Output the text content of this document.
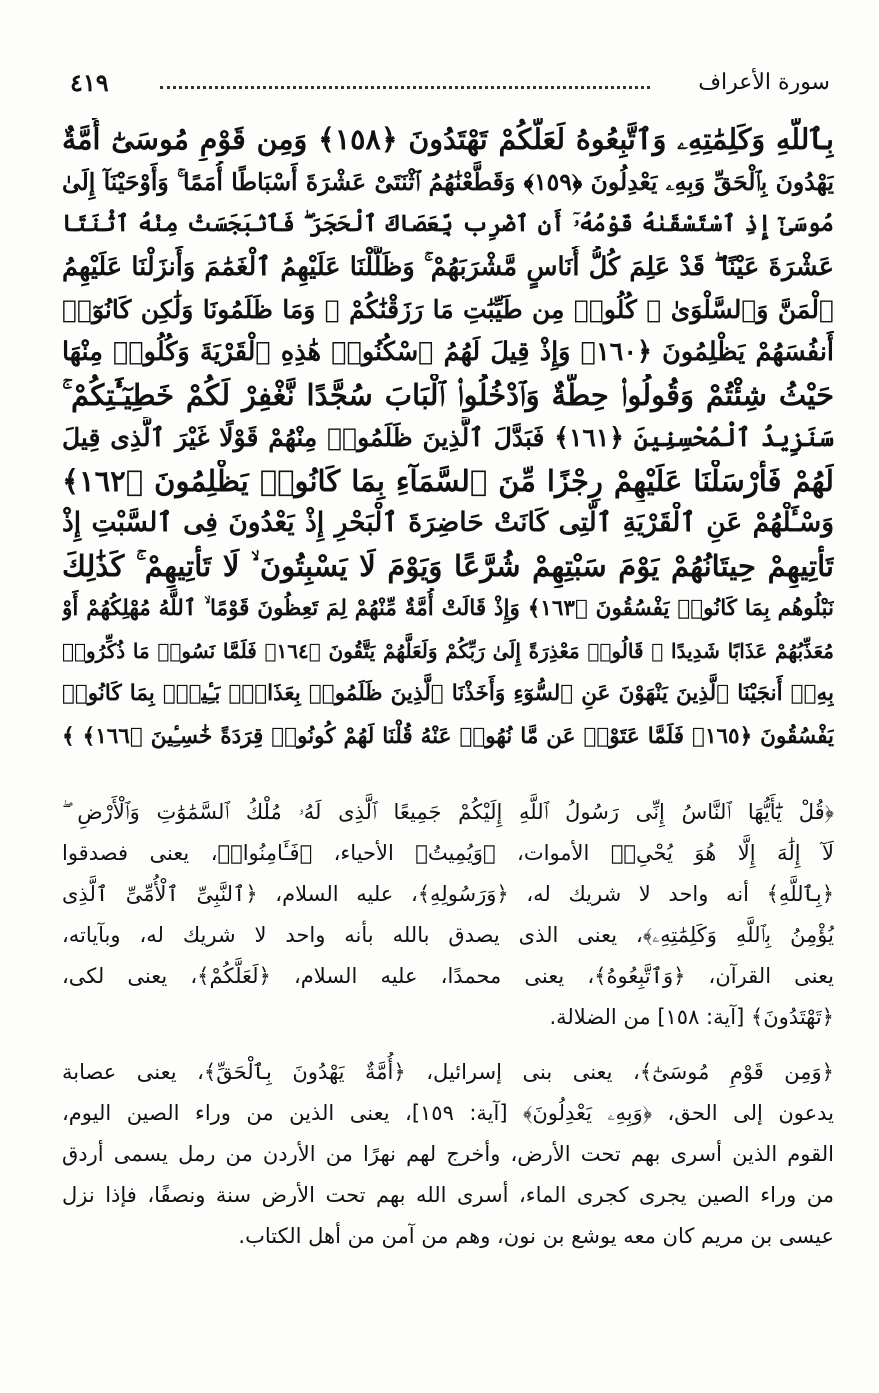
سورة الأعراف
٤١٩
بِٱللَّهِ وَكَلِمَٰتِهِۦ وَٱتَّبِعُوهُ لَعَلَّكُمْ تَهْتَدُونَ ﴿١٥٨﴾ وَمِن قَوْمِ مُوسَىٰٓ أُمَّةٌ
يَهْدُونَ بِٱلْحَقِّ وَبِهِۦ يَعْدِلُونَ ﴿١٥٩﴾ وَقَطَّعْنَٰهُمُ ٱثْنَتَىْ عَشْرَةَ أَسْبَاطًا أُمَمًا ۚ وَأَوْحَيْنَآ إِلَىٰ
مُوسَىٰٓ إِذِ ٱسْتَسْقَىٰهُ قَوْمُهُۥٓ أَنِ ٱضْرِب بِّعَصَاكَ ٱلْحَجَرَ ۖ فَٱنۢبَجَسَتْ مِنْهُ ٱثْنَتَا
عَشْرَةَ عَيْنًا ۖ قَدْ عَلِمَ كُلُّ أُنَاسٍ مَّشْرَبَهُمْ ۚ وَظَلَّلْنَا عَلَيْهِمُ ٱلْغَمَٰمَ وَأَنزَلْنَا عَلَيْهِمُ
ٱلْمَنَّ وَٱلسَّلْوَىٰ ۖ كُلُوا۟ مِن طَيِّبَٰتِ مَا رَزَقْنَٰكُمْ ۚ وَمَا ظَلَمُونَا وَلَٰكِن كَانُوٓا۟
أَنفُسَهُمْ يَظْلِمُونَ ﴿١٦٠﴾ وَإِذْ قِيلَ لَهُمُ ٱسْكُنُوا۟ هَٰذِهِ ٱلْقَرْيَةَ وَكُلُوا۟ مِنْهَا
حَيْثُ شِئْتُمْ وَقُولُوا۟ حِطَّةٌ وَٱدْخُلُوا۟ ٱلْبَابَ سُجَّدًا نَّغْفِرْ لَكُمْ خَطِيٓـَٰٔتِكُمْ ۚ
سَنَزِيدُ ٱلْمُحْسِنِينَ ﴿١٦١﴾ فَبَدَّلَ ٱلَّذِينَ ظَلَمُوا۟ مِنْهُمْ قَوْلًا غَيْرَ ٱلَّذِى قِيلَ
لَهُمْ فَأَرْسَلْنَا عَلَيْهِمْ رِجْزًا مِّنَ ٱلسَّمَآءِ بِمَا كَانُوا۟ يَظْلِمُونَ ﴿١٦٢﴾
وَسْـَٔلْهُمْ عَنِ ٱلْقَرْيَةِ ٱلَّتِى كَانَتْ حَاضِرَةَ ٱلْبَحْرِ إِذْ يَعْدُونَ فِى ٱلسَّبْتِ إِذْ
تَأْتِيهِمْ حِيتَانُهُمْ يَوْمَ سَبْتِهِمْ شُرَّعًا وَيَوْمَ لَا يَسْبِتُونَ ۙ لَا تَأْتِيهِمْ ۚ كَذَٰلِكَ
نَبْلُوهُم بِمَا كَانُوا۟ يَفْسُقُونَ ﴿١٦٣﴾ وَإِذْ قَالَتْ أُمَّةٌ مِّنْهُمْ لِمَ تَعِظُونَ قَوْمًا ۙ ٱللَّهُ مُهْلِكُهُمْ أَوْ
مُعَذِّبُهُمْ عَذَابًا شَدِيدًا ۖ قَالُوا۟ مَعْذِرَةً إِلَىٰ رَبِّكُمْ وَلَعَلَّهُمْ يَتَّقُونَ ﴿١٦٤﴾ فَلَمَّا نَسُوا۟ مَا ذُكِّرُوا۟
بِهِۦٓ أَنجَيْنَا ٱلَّذِينَ يَنْهَوْنَ عَنِ ٱلسُّوٓءِ وَأَخَذْنَا ٱلَّذِينَ ظَلَمُوا۟ بِعَذَابٍۭ بَـِٔيسٍۭ بِمَا كَانُوا۟
يَفْسُقُونَ ﴿١٦٥﴾ فَلَمَّا عَتَوْا۟ عَن مَّا نُهُوا۟ عَنْهُ قُلْنَا لَهُمْ كُونُوا۟ قِرَدَةً خَٰسِـِٔينَ ﴿١٦٦﴾ ﴾
﴿قُلْ يَٰٓأَيُّهَا ٱلنَّاسُ إِنِّى رَسُولُ ٱللَّهِ إِلَيْكُمْ جَمِيعًا ٱلَّذِى لَهُۥ مُلْكُ ٱلسَّمَٰوَٰتِ وَٱلْأَرْضِ ۖ
لَآ إِلَٰهَ إِلَّا هُوَ يُحْىِۦ﴾ الأموات، ﴿وَيُمِيتُ﴾ الأحياء، ﴿فَـَٔامِنُوا۟﴾، يعنى فصدقوا
﴿بِٱللَّهِ﴾ أنه واحد لا شريك له، ﴿وَرَسُولِهِ﴾، عليه السلام، ﴿ٱلنَّبِىِّ ٱلْأُمِّىِّ ٱلَّذِى
يُؤْمِنُ بِٱللَّهِ وَكَلِمَٰتِهِۦ﴾، يعنى الذى يصدق بالله بأنه واحد لا شريك له، وبآياته،
يعنى القرآن، ﴿وَٱتَّبِعُوهُ﴾، يعنى محمدًا، عليه السلام، ﴿لَعَلَّكُمْ﴾، يعنى لكى،
﴿تَهْتَدُونَ﴾ [آية: ١٥٨] من الضلالة.
﴿وَمِن قَوْمِ مُوسَىٰٓ﴾، يعنى بنى إسرائيل، ﴿أُمَّةٌ يَهْدُونَ بِٱلْحَقِّ﴾، يعنى عصابة
يدعون إلى الحق، ﴿وَبِهِۦ يَعْدِلُونَ﴾ [آية: ١٥٩]، يعنى الذين من وراء الصين اليوم،
القوم الذين أسرى بهم تحت الأرض، وأخرج لهم نهرًا من الأردن من رمل يسمى أردق
من وراء الصين يجرى كجرى الماء، أسرى الله بهم تحت الأرض سنة ونصفًا، فإذا نزل
عيسى بن مريم كان معه يوشع بن نون، وهم من آمن من أهل الكتاب.
